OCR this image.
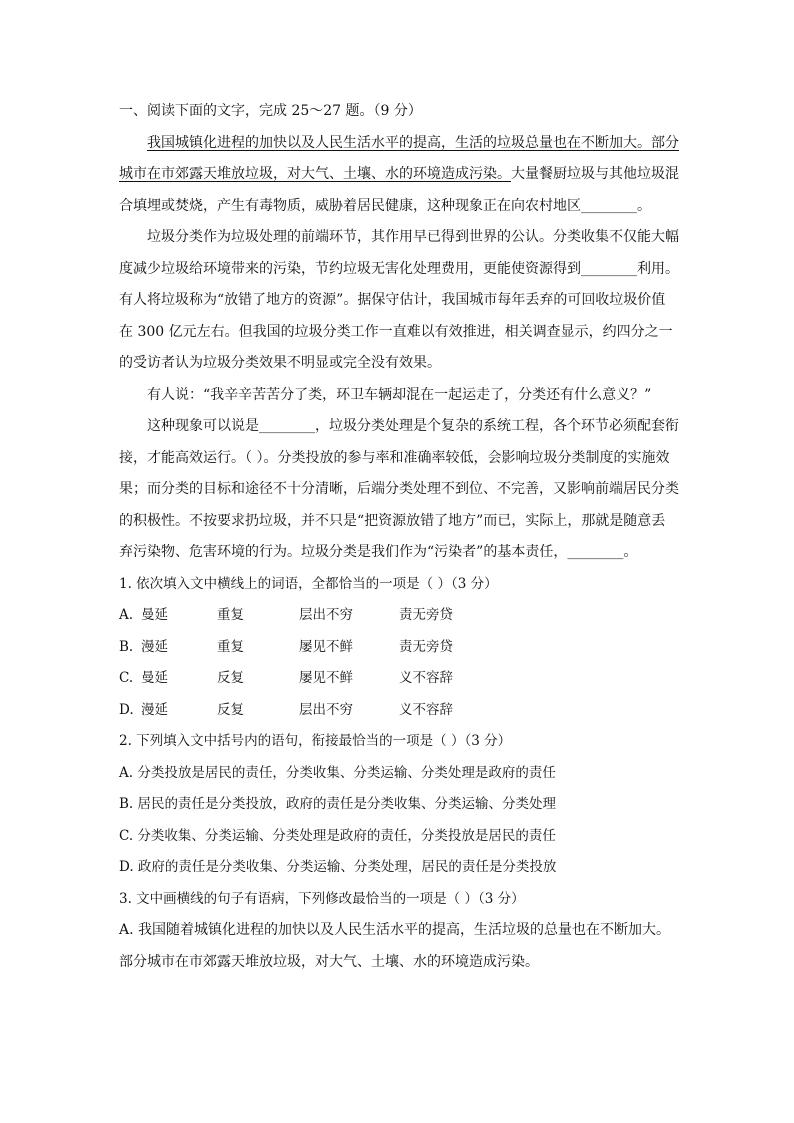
一、阅读下面的文字，完成 25～27 题。（9 分）

我国城镇化进程的加快以及人民生活水平的提高，生活的垃圾总量也在不断加大。部分城市在市郊露天堆放垃圾，对大气、土壤、水的环境造成污染。大量餐厨垃圾与其他垃圾混合填埋或焚烧，产生有毒物质，威胁着居民健康，这种现象正在向农村地区________。

垃圾分类作为垃圾处理的前端环节，其作用早已得到世界的公认。分类收集不仅能大幅度减少垃圾给环境带来的污染，节约垃圾无害化处理费用，更能使资源得到________利用。有人将垃圾称为“放错了地方的资源”。据保守估计，我国城市每年丢弃的可回收垃圾价值在 300 亿元左右。但我国的垃圾分类工作一直难以有效推进，相关调查显示，约四分之一的受访者认为垃圾分类效果不明显或完全没有效果。

有人说：“我辛辛苦苦分了类，环卫车辆却混在一起运走了，分类还有什么意义？”

这种现象可以说是________，垃圾分类处理是个复杂的系统工程，各个环节必须配套衔接，才能高效运行。（ ）。分类投放的参与率和准确率较低，会影响垃圾分类制度的实施效果；而分类的目标和途径不十分清晰，后端分类处理不到位、不完善，又影响前端居民分类的积极性。不按要求扔垃圾，并不只是“把资源放错了地方”而已，实际上，那就是随意丢弃污染物、危害环境的行为。垃圾分类是我们作为“污染者”的基本责任，________。

1. 依次填入文中横线上的词语，全都恰当的一项是（ ）（3 分）

A. 曼延	重复	层出不穷	责无旁贷
B. 漫延	重复	屡见不鲜	责无旁贷
C. 曼延	反复	屡见不鲜	义不容辞
D. 漫延	反复	层出不穷	义不容辞

2. 下列填入文中括号内的语句，衔接最恰当的一项是（ ）（3 分）

A. 分类投放是居民的责任，分类收集、分类运输、分类处理是政府的责任

B. 居民的责任是分类投放，政府的责任是分类收集、分类运输、分类处理

C. 分类收集、分类运输、分类处理是政府的责任，分类投放是居民的责任

D. 政府的责任是分类收集、分类运输、分类处理，居民的责任是分类投放

3. 文中画横线的句子有语病，下列修改最恰当的一项是（ ）（3 分）

A. 我国随着城镇化进程的加快以及人民生活水平的提高，生活垃圾的总量也在不断加大。部分城市在市郊露天堆放垃圾，对大气、土壤、水的环境造成污染。
